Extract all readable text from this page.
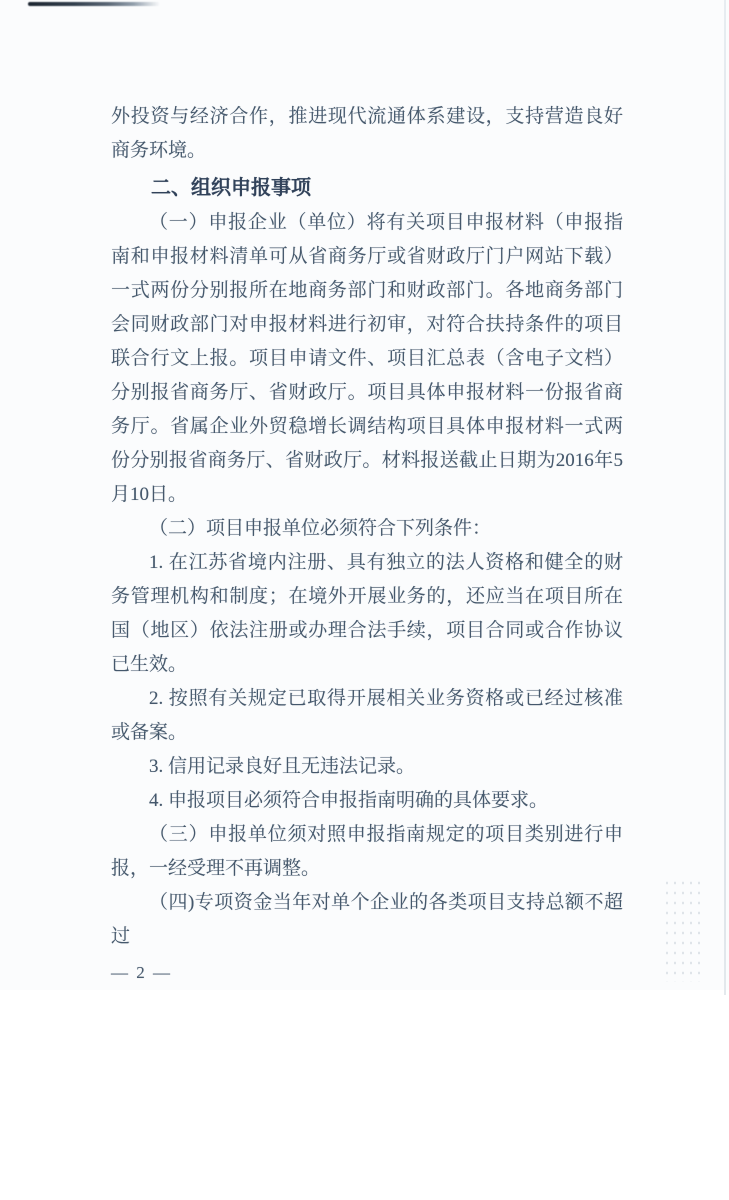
外投资与经济合作，推进现代流通体系建设，支持营造良好商务环境。

二、组织申报事项

（一）申报企业（单位）将有关项目申报材料（申报指南和申报材料清单可从省商务厅或省财政厅门户网站下载）一式两份分别报所在地商务部门和财政部门。各地商务部门会同财政部门对申报材料进行初审，对符合扶持条件的项目联合行文上报。项目申请文件、项目汇总表（含电子文档）分别报省商务厅、省财政厅。项目具体申报材料一份报省商务厅。省属企业外贸稳增长调结构项目具体申报材料一式两份分别报省商务厅、省财政厅。材料报送截止日期为2016年5月10日。

（二）项目申报单位必须符合下列条件：

1. 在江苏省境内注册、具有独立的法人资格和健全的财务管理机构和制度；在境外开展业务的，还应当在项目所在国（地区）依法注册或办理合法手续，项目合同或合作协议已生效。

2. 按照有关规定已取得开展相关业务资格或已经过核准或备案。

3. 信用记录良好且无违法记录。

4. 申报项目必须符合申报指南明确的具体要求。

（三）申报单位须对照申报指南规定的项目类别进行申报，一经受理不再调整。

（四)专项资金当年对单个企业的各类项目支持总额不超过

— 2 —
